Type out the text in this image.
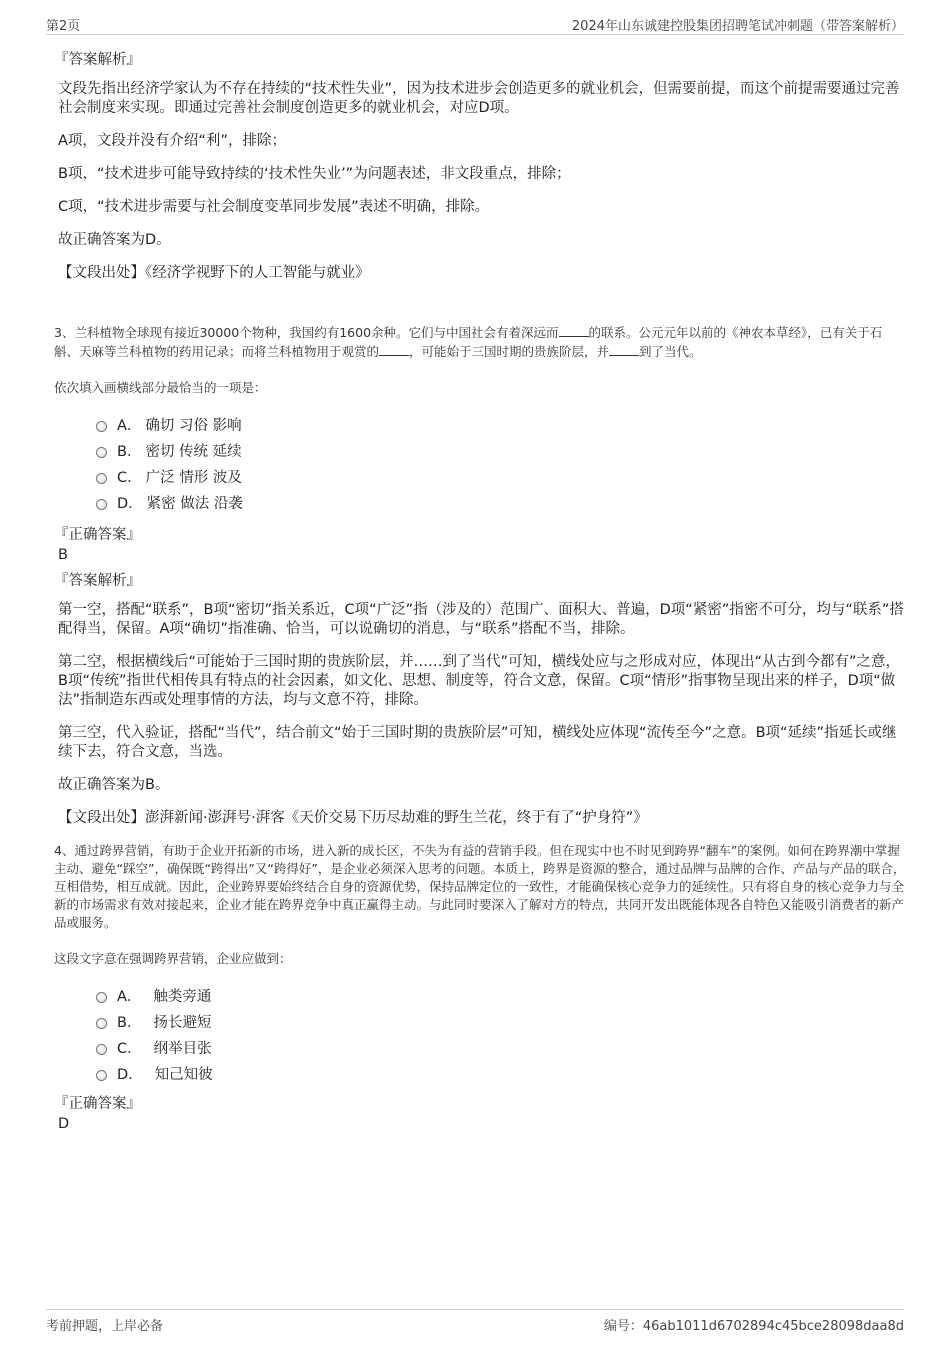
第2页	2024年山东诚建控股集团招聘笔试冲刺题（带答案解析）
『答案解析』
文段先指出经济学家认为不存在持续的“技术性失业”，因为技术进步会创造更多的就业机会，但需要前提，而这个前提需要通过完善社会制度来实现。即通过完善社会制度创造更多的就业机会，对应D项。
A项，文段并没有介绍“利”，排除；
B项，“技术进步可能导致持续的‘技术性失业’”为问题表述，非文段重点，排除；
C项，“技术进步需要与社会制度变革同步发展”表述不明确，排除。
故正确答案为D。
【文段出处】《经济学视野下的人工智能与就业》
3、兰科植物全球现有接近30000个物种，我国约有1600余种。它们与中国社会有着深远而 的联系。公元元年以前的《神农本草经》，已有关于石斛、天麻等兰科植物的药用记录；而将兰科植物用于观赏的 ，可能始于三国时期的贵族阶层，并 到了当代。
依次填入画横线部分最恰当的一项是：
A． 确切 习俗 影响
B． 密切 传统 延续
C． 广泛 情形 波及
D． 紧密 做法 沿袭
『正确答案』
B
『答案解析』
第一空，搭配“联系”，B项“密切”指关系近，C项“广泛”指（涉及的）范围广、面积大、普遍，D项“紧密”指密不可分，均与“联系”搭配得当，保留。A项“确切”指准确、恰当，可以说确切的消息，与“联系”搭配不当，排除。
第二空，根据横线后“可能始于三国时期的贵族阶层，并……到了当代”可知，横线处应与之形成对应，体现出“从古到今都有”之意，B项“传统”指世代相传具有特点的社会因素，如文化、思想、制度等，符合文意，保留。C项“情形”指事物呈现出来的样子，D项“做法”指制造东西或处理事情的方法，均与文意不符，排除。
第三空，代入验证，搭配“当代”，结合前文“始于三国时期的贵族阶层”可知，横线处应体现“流传至今”之意。B项“延续”指延长或继续下去，符合文意，当选。
故正确答案为B。
【文段出处】澎湃新闻·澎湃号·湃客《天价交易下历尽劫难的野生兰花，终于有了“护身符”》
4、通过跨界营销，有助于企业开拓新的市场，进入新的成长区，不失为有益的营销手段。但在现实中也不时见到跨界“翻车”的案例。如何在跨界潮中掌握主动、避免“踩空”，确保既“跨得出”又“跨得好”，是企业必须深入思考的问题。本质上，跨界是资源的整合，通过品牌与品牌的合作、产品与产品的联合，互相借势，相互成就。因此，企业跨界要始终结合自身的资源优势，保持品牌定位的一致性，才能确保核心竞争力的延续性。只有将自身的核心竞争力与全新的市场需求有效对接起来，企业才能在跨界竞争中真正赢得主动。与此同时要深入了解对方的特点，共同开发出既能体现各自特色又能吸引消费者的新产品或服务。
这段文字意在强调跨界营销，企业应做到：
A． 触类旁通
B． 扬长避短
C． 纲举目张
D． 知己知彼
『正确答案』
D
考前押题，上岸必备	编号：46ab1011d6702894c45bce28098daa8d
